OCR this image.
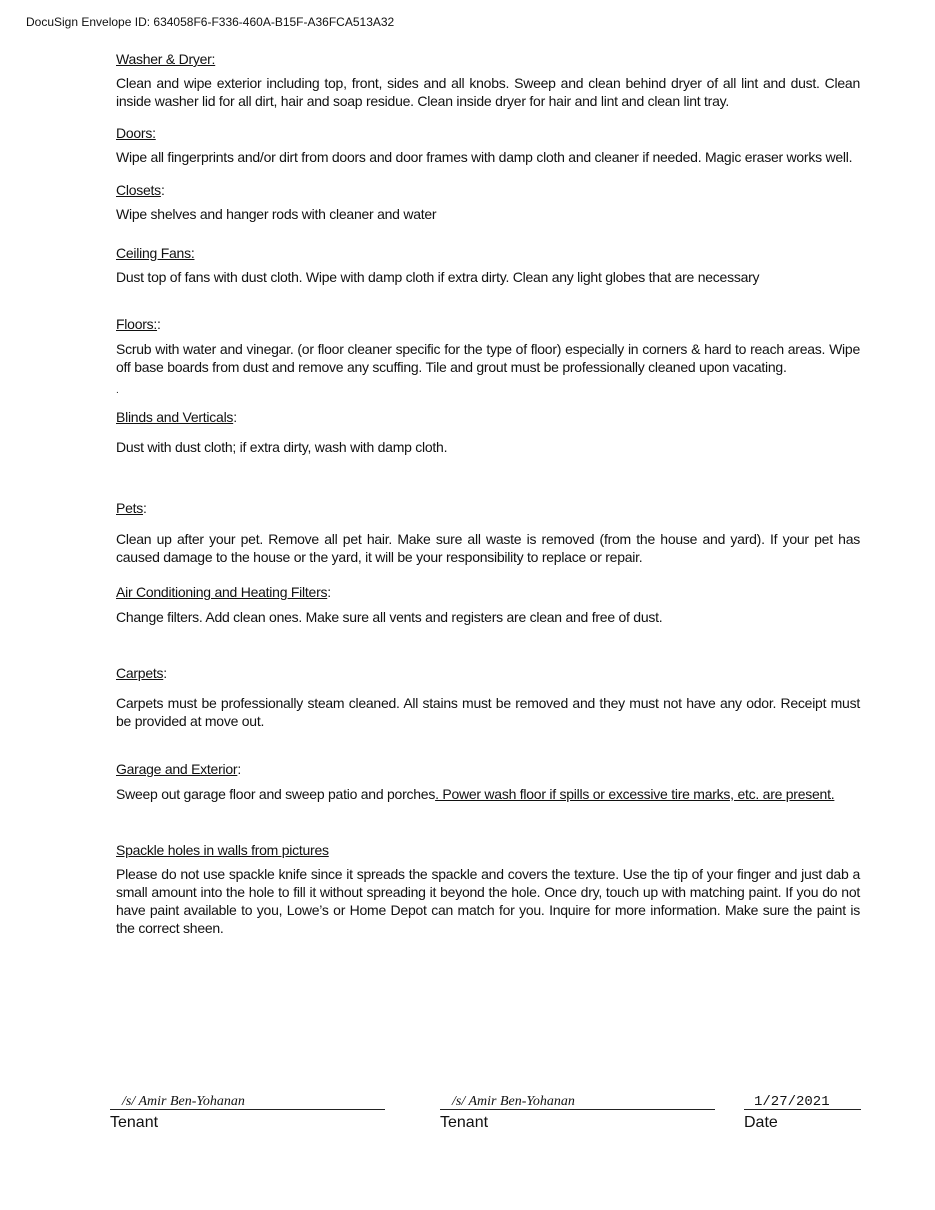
DocuSign Envelope ID: 634058F6-F336-460A-B15F-A36FCA513A32

Washer & Dryer:

Clean and wipe exterior including top, front, sides and all knobs. Sweep and clean behind dryer of all lint and dust. Clean inside washer lid for all dirt, hair and soap residue. Clean inside dryer for hair and lint and clean lint tray.

Doors:

Wipe all fingerprints and/or dirt from doors and door frames with damp cloth and cleaner if needed. Magic eraser works well.

Closets:

Wipe shelves and hanger rods with cleaner and water

Ceiling Fans:

Dust top of fans with dust cloth. Wipe with damp cloth if extra dirty. Clean any light globes that are necessary

Floors::

Scrub with water and vinegar. (or floor cleaner specific for the type of floor) especially in corners & hard to reach areas. Wipe off base boards from dust and remove any scuffing. Tile and grout must be professionally cleaned upon vacating.

.

Blinds and Verticals:

Dust with dust cloth; if extra dirty, wash with damp cloth.

Pets:

Clean up after your pet. Remove all pet hair. Make sure all waste is removed (from the house and yard). If your pet has caused damage to the house or the yard, it will be your responsibility to replace or repair.

Air Conditioning and Heating Filters:

Change filters. Add clean ones. Make sure all vents and registers are clean and free of dust.

Carpets:

Carpets must be professionally steam cleaned. All stains must be removed and they must not have any odor. Receipt must be provided at move out.

Garage and Exterior:

Sweep out garage floor and sweep patio and porches. Power wash floor if spills or excessive tire marks, etc. are present.

Spackle holes in walls from pictures

Please do not use spackle knife since it spreads the spackle and covers the texture. Use the tip of your finger and just dab a small amount into the hole to fill it without spreading it beyond the hole. Once dry, touch up with matching paint. If you do not have paint available to you, Lowe’s or Home Depot can match for you. Inquire for more information. Make sure the paint is the correct sheen.

/s/ Amir Ben-Yohanan
Tenant
/s/ Amir Ben-Yohanan
Tenant
1/27/2021
Date
